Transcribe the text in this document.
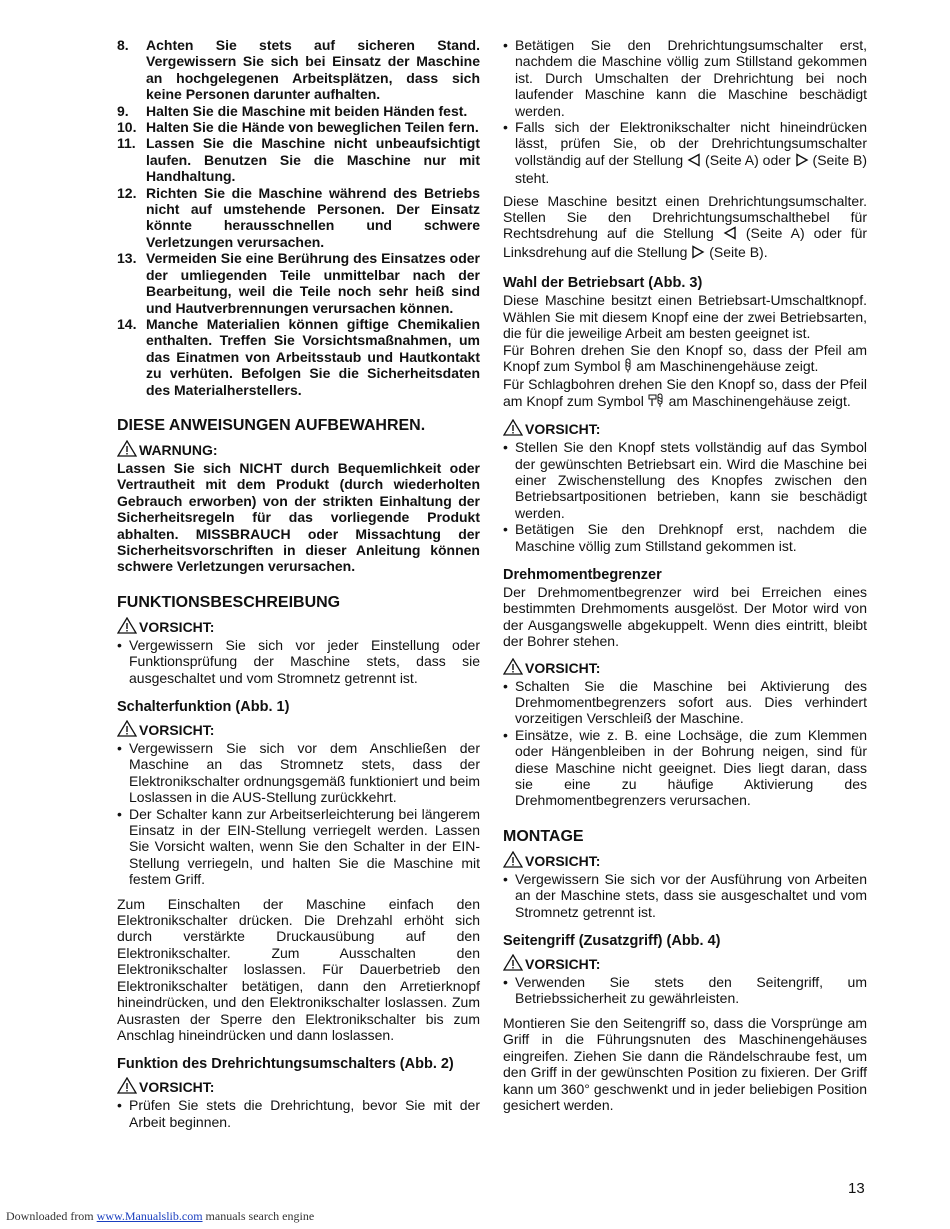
8.	Achten Sie stets auf sicheren Stand. Vergewissern Sie sich bei Einsatz der Maschine an hochgelegenen Arbeitsplätzen, dass sich keine Personen darunter aufhalten.
9.	Halten Sie die Maschine mit beiden Händen fest.
10. Halten Sie die Hände von beweglichen Teilen fern.
11. Lassen Sie die Maschine nicht unbeaufsichtigt laufen. Benutzen Sie die Maschine nur mit Handhaltung.
12. Richten Sie die Maschine während des Betriebs nicht auf umstehende Personen. Der Einsatz könnte herausschnellen und schwere Verletzungen verursachen.
13. Vermeiden Sie eine Berührung des Einsatzes oder der umliegenden Teile unmittelbar nach der Bearbeitung, weil die Teile noch sehr heiß sind und Hautverbrennungen verursachen können.
14. Manche Materialien können giftige Chemikalien enthalten. Treffen Sie Vorsichtsmaßnahmen, um das Einatmen von Arbeitsstaub und Hautkontakt zu verhüten. Befolgen Sie die Sicherheitsdaten des Materialherstellers.
DIESE ANWEISUNGEN AUFBEWAHREN.
WARNUNG:

Lassen Sie sich NICHT durch Bequemlichkeit oder Vertrautheit mit dem Produkt (durch wiederholten Gebrauch erworben) von der strikten Einhaltung der Sicherheitsregeln für das vorliegende Produkt abhalten. MISSBRAUCH oder Missachtung der Sicherheitsvorschriften in dieser Anleitung können schwere Verletzungen verursachen.

FUNKTIONSBESCHREIBUNG
VORSICHT:
• Vergewissern Sie sich vor jeder Einstellung oder Funktionsprüfung der Maschine stets, dass sie ausgeschaltet und vom Stromnetz getrennt ist.
Schalterfunktion (Abb. 1)
VORSICHT:
• Vergewissern Sie sich vor dem Anschließen der Maschine an das Stromnetz stets, dass der Elektronikschalter ordnungsgemäß funktioniert und beim Loslassen in die AUS-Stellung zurückkehrt.
• Der Schalter kann zur Arbeitserleichterung bei längerem Einsatz in der EIN-Stellung verriegelt werden. Lassen Sie Vorsicht walten, wenn Sie den Schalter in der EIN-Stellung verriegeln, und halten Sie die Maschine mit festem Griff.

Zum Einschalten der Maschine einfach den Elektronikschalter drücken. Die Drehzahl erhöht sich durch verstärkte Druckausübung auf den Elektronikschalter. Zum Ausschalten den Elektronikschalter loslassen. Für Dauerbetrieb den Elektronikschalter betätigen, dann den Arretierknopf hineindrücken, und den Elektronikschalter loslassen. Zum Ausrasten der Sperre den Elektronikschalter bis zum Anschlag hineindrücken und dann loslassen.

Funktion des Drehrichtungsumschalters (Abb. 2)
VORSICHT:
• Prüfen Sie stets die Drehrichtung, bevor Sie mit der Arbeit beginnen.
• Betätigen Sie den Drehrichtungsumschalter erst, nachdem die Maschine völlig zum Stillstand gekommen ist. Durch Umschalten der Drehrichtung bei noch laufender Maschine kann die Maschine beschädigt werden.
• Falls sich der Elektronikschalter nicht hineindrücken lässt, prüfen Sie, ob der Drehrichtungsumschalter vollständig auf der Stellung (Seite A) oder (Seite B) steht.

Diese Maschine besitzt einen Drehrichtungsumschalter. Stellen Sie den Drehrichtungsumschalthebel für Rechtsdrehung auf die Stellung (Seite A) oder für Linksdrehung auf die Stellung (Seite B).

Wahl der Betriebsart (Abb. 3)

Diese Maschine besitzt einen Betriebsart-Umschaltknopf. Wählen Sie mit diesem Knopf eine der zwei Betriebsarten, die für die jeweilige Arbeit am besten geeignet ist.

Für Bohren drehen Sie den Knopf so, dass der Pfeil am Knopf zum Symbol am Maschinengehäuse zeigt.

Für Schlagbohren drehen Sie den Knopf so, dass der Pfeil am Knopf zum Symbol am Maschinengehäuse zeigt.

VORSICHT:
• Stellen Sie den Knopf stets vollständig auf das Symbol der gewünschten Betriebsart ein. Wird die Maschine bei einer Zwischenstellung des Knopfes zwischen den Betriebsartpositionen betrieben, kann sie beschädigt werden.
• Betätigen Sie den Drehknopf erst, nachdem die Maschine völlig zum Stillstand gekommen ist.
Drehmomentbegrenzer

Der Drehmomentbegrenzer wird bei Erreichen eines bestimmten Drehmoments ausgelöst. Der Motor wird von der Ausgangswelle abgekuppelt. Wenn dies eintritt, bleibt der Bohrer stehen.

VORSICHT:
• Schalten Sie die Maschine bei Aktivierung des Drehmomentbegrenzers sofort aus. Dies verhindert vorzeitigen Verschleiß der Maschine.
• Einsätze, wie z. B. eine Lochsäge, die zum Klemmen oder Hängenbleiben in der Bohrung neigen, sind für diese Maschine nicht geeignet. Dies liegt daran, dass sie eine zu häufige Aktivierung des Drehmomentbegrenzers verursachen.
MONTAGE
VORSICHT:
• Vergewissern Sie sich vor der Ausführung von Arbeiten an der Maschine stets, dass sie ausgeschaltet und vom Stromnetz getrennt ist.
Seitengriff (Zusatzgriff) (Abb. 4)
VORSICHT:
• Verwenden Sie stets den Seitengriff, um Betriebssicherheit zu gewährleisten.

Montieren Sie den Seitengriff so, dass die Vorsprünge am Griff in die Führungsnuten des Maschinengehäuses eingreifen. Ziehen Sie dann die Rändelschraube fest, um den Griff in der gewünschten Position zu fixieren. Der Griff kann um 360° geschwenkt und in jeder beliebigen Position gesichert werden.

13
Downloaded from www.Manualslib.com manuals search engine
